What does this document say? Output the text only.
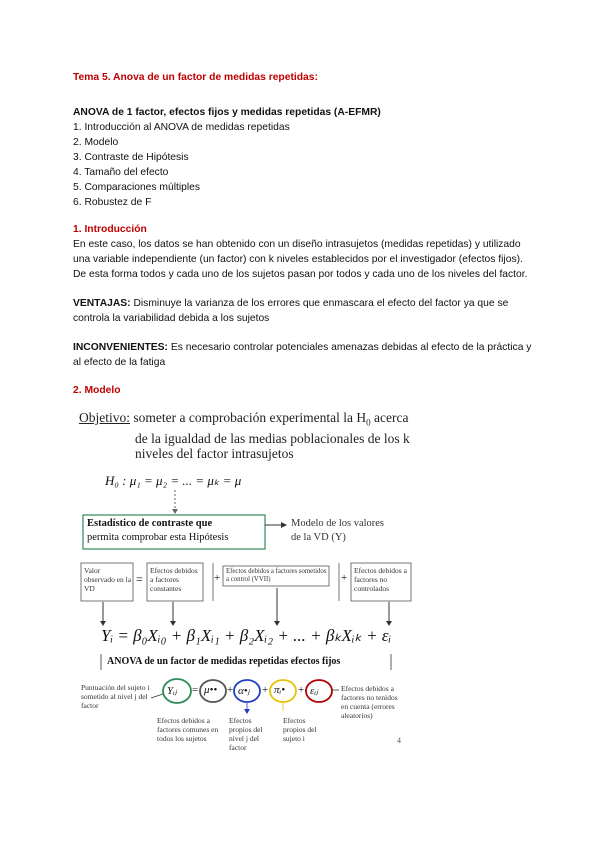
Tema 5. Anova de un factor de medidas repetidas:
ANOVA de 1 factor, efectos fijos y medidas repetidas (A-EFMR)
1. Introducción al ANOVA de medidas repetidas
2. Modelo
3. Contraste de Hipótesis
4. Tamaño del efecto
5. Comparaciones múltiples
6. Robustez de F
1. Introducción
En este caso, los datos se han obtenido con un diseño intrasujetos (medidas repetidas) y utilizado una variable independiente (un factor) con k niveles establecidos por el investigador (efectos fijos). De esta forma todos y cada uno de los sujetos pasan por todos y cada uno de los niveles del factor.
VENTAJAS: Disminuye la varianza de los errores que enmascara el efecto del factor ya que se controla la variabilidad debida a los sujetos
INCONVENIENTES: Es necesario controlar potenciales amenazas debidas al efecto de la práctica y al efecto de la fatiga
2. Modelo
Objetivo: someter a comprobación experimental la $H_0$ acerca
de la igualdad de las medias poblacionales de los k
niveles del factor intrasujetos
H₀ : μ₁ = μ₂ = ... = μₖ = μ
Estadístico de contraste que
permita comprobar esta Hipótesis
Modelo de los valores
de la VD (Y)
Valor observado en la VD
=
Efectos debidos a factores constantes
+
Efectos debidos a factores sometidos a control (VVII)	+
Efectos debidos a factores no controlados
Yᵢ = β₀Xᵢ₀ + β₁Xᵢ₁ + β₂Xᵢ₂ + ... + βₖXᵢₖ + εᵢ
ANOVA de un factor de medidas repetidas efectos fijos
Puntuación del sujeto i sometido al nivel j del factor
Yᵢⱼ = μ•• + α•ⱼ + πᵢ• + εᵢⱼ
Efectos debidos a factores comunes en todos los sujetos
Efectos propios del nivel j del factor
Efectos propios del sujeto i
Efectos debidos a factores no tenidos en cuenta (errores aleatorios)
4
